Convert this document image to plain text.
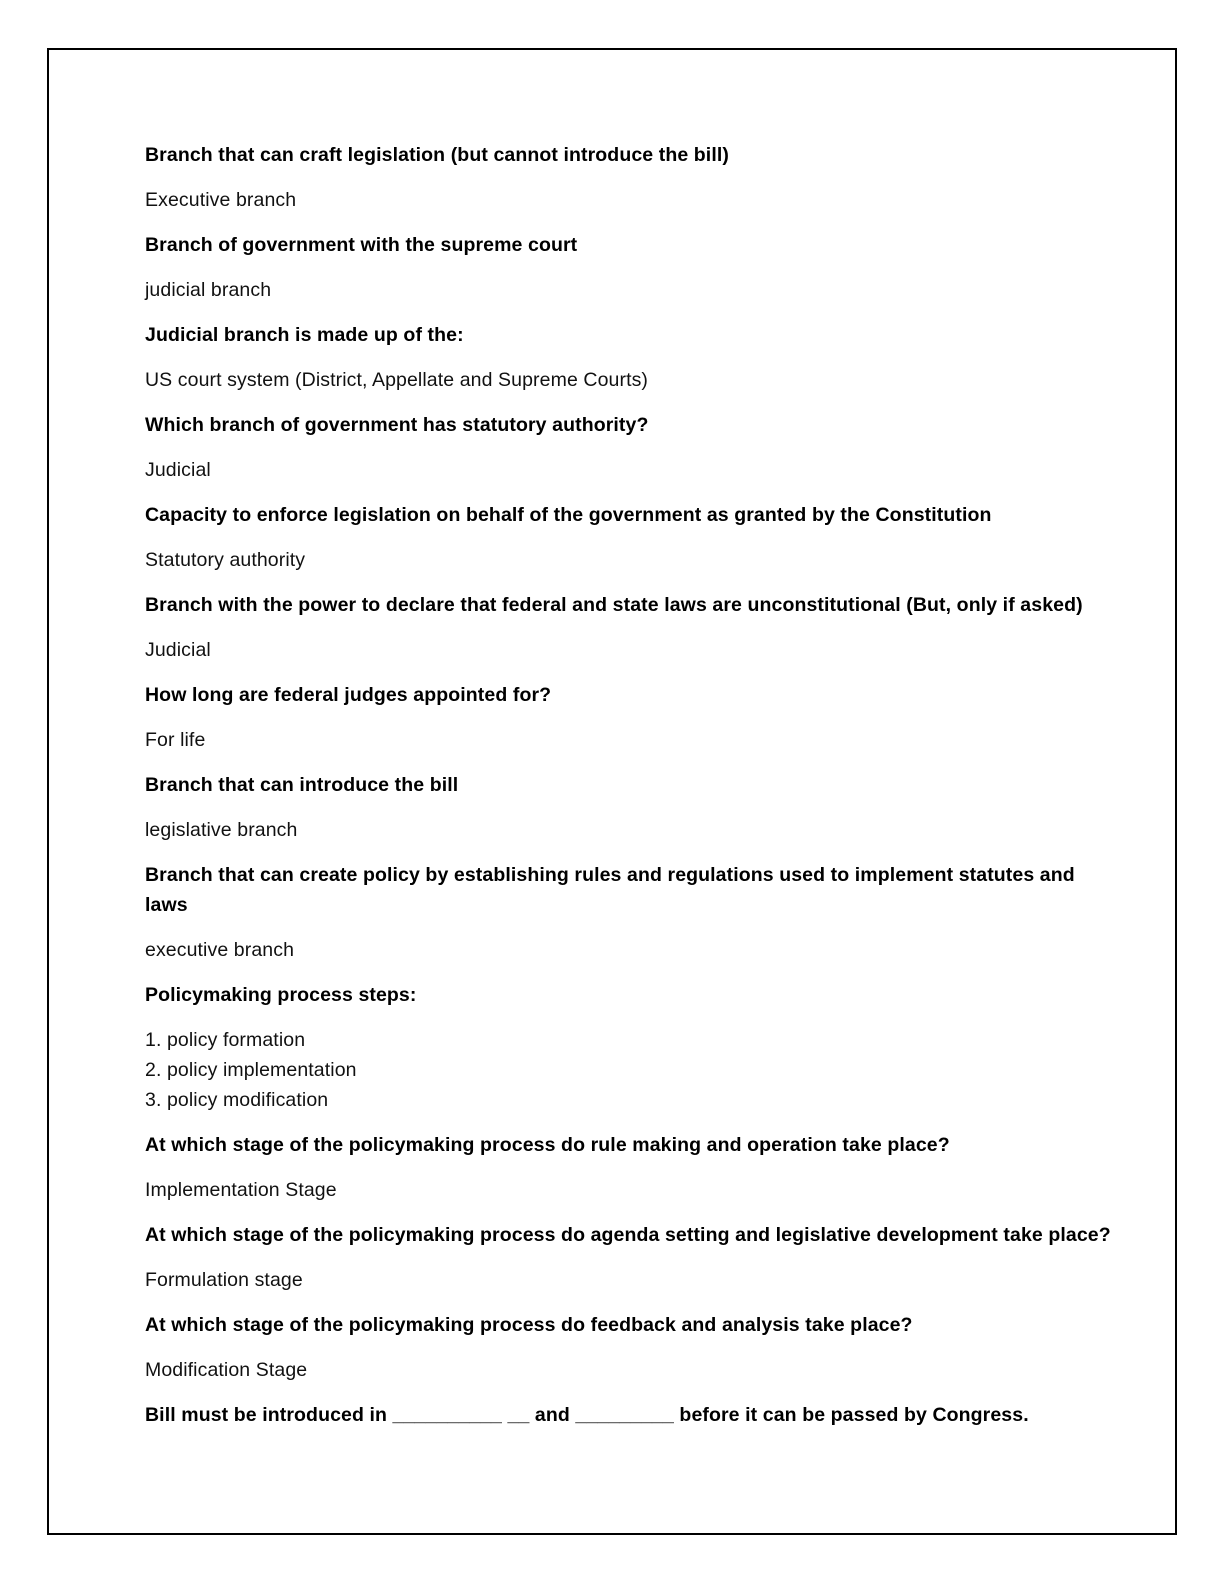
Branch that can craft legislation (but cannot introduce the bill)

Executive branch

Branch of government with the supreme court

judicial branch

Judicial branch is made up of the:

US court system (District, Appellate and Supreme Courts)

Which branch of government has statutory authority?

Judicial

Capacity to enforce legislation on behalf of the government as granted by the Constitution

Statutory authority

Branch with the power to declare that federal and state laws are unconstitutional (But, only if asked)

Judicial

How long are federal judges appointed for?

For life

Branch that can introduce the bill

legislative branch

Branch that can create policy by establishing rules and regulations used to implement statutes and
laws

executive branch

Policymaking process steps:

1. policy formation
2. policy implementation
3. policy modification

At which stage of the policymaking process do rule making and operation take place?

Implementation Stage

At which stage of the policymaking process do agenda setting and legislative development take place?

Formulation stage

At which stage of the policymaking process do feedback and analysis take place?

Modification Stage

Bill must be introduced in __________ __ and _________ before it can be passed by Congress.
